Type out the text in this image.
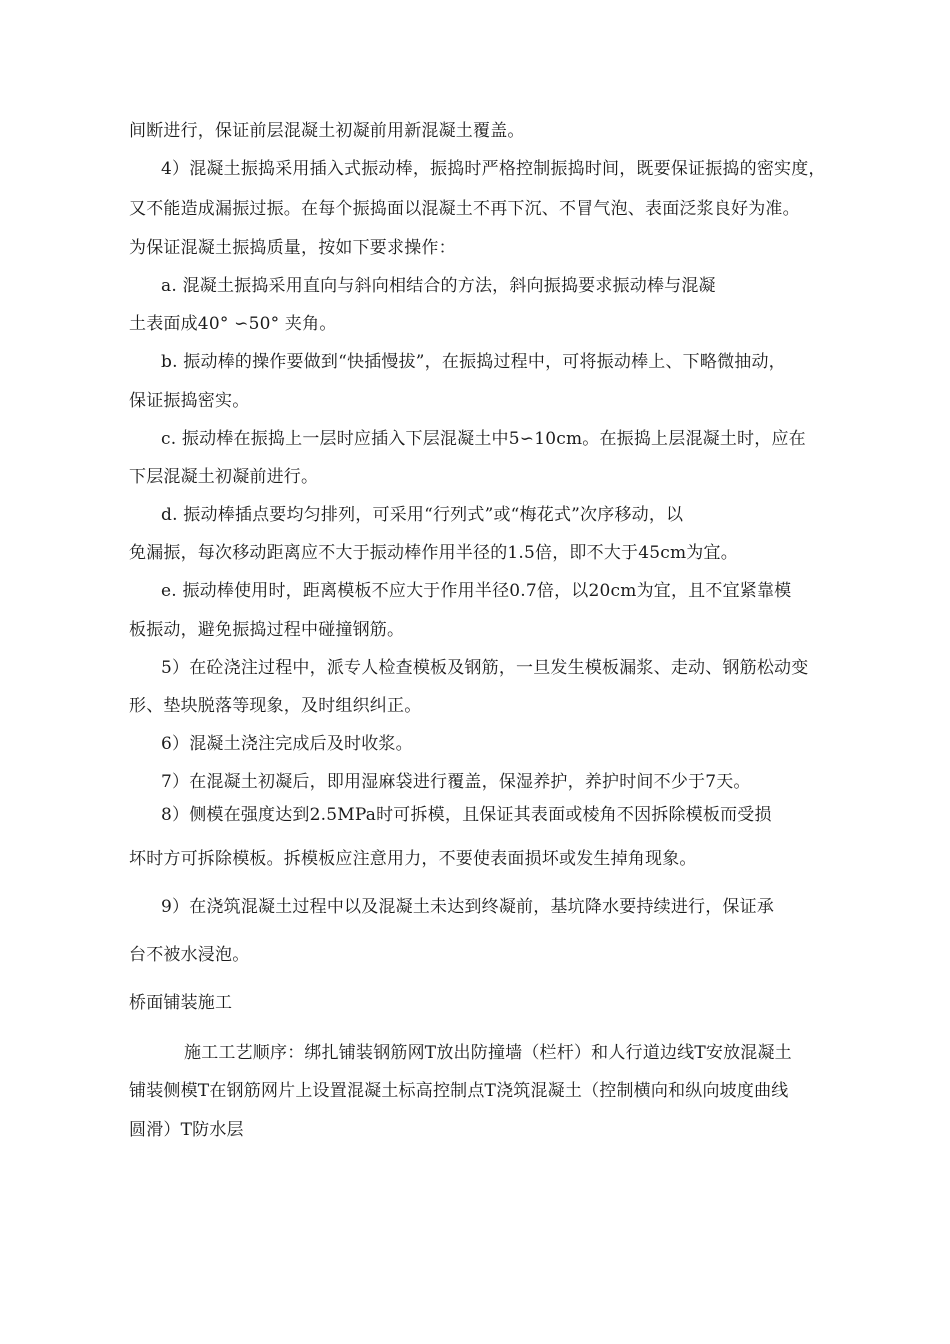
间断进行，保证前层混凝土初凝前用新混凝土覆盖。
4）混凝土振捣采用插入式振动棒，振捣时严格控制振捣时间，既要保证振捣的密实度，
又不能造成漏振过振。在每个振捣面以混凝土不再下沉、不冒气泡、表面泛浆良好为准。
为保证混凝土振捣质量，按如下要求操作：
a. 混凝土振捣采用直向与斜向相结合的方法，斜向振捣要求振动棒与混凝
土表面成40° ∽50° 夹角。
b. 振动棒的操作要做到“快插慢拔”，在振捣过程中，可将振动棒上、下略微抽动，
保证振捣密实。
c. 振动棒在振捣上一层时应插入下层混凝土中5∽10cm。在振捣上层混凝土时，应在
下层混凝土初凝前进行。
d. 振动棒插点要均匀排列，可采用“行列式”或“梅花式”次序移动，以
免漏振，每次移动距离应不大于振动棒作用半径的1.5倍，即不大于45cm为宜。
e. 振动棒使用时，距离模板不应大于作用半径0.7倍，以20cm为宜，且不宜紧靠模
板振动，避免振捣过程中碰撞钢筋。
5）在砼浇注过程中，派专人检查模板及钢筋，一旦发生模板漏浆、走动、钢筋松动变
形、垫块脱落等现象，及时组织纠正。
6）混凝土浇注完成后及时收浆。
7）在混凝土初凝后，即用湿麻袋进行覆盖，保湿养护，养护时间不少于7天。
8）侧模在强度达到2.5MPa时可拆模，且保证其表面或棱角不因拆除模板而受损
坏时方可拆除模板。拆模板应注意用力，不要使表面损坏或发生掉角现象。
9）在浇筑混凝土过程中以及混凝土未达到终凝前，基坑降水要持续进行，保证承
台不被水浸泡。
桥面铺装施工
施工工艺顺序：绑扎铺装钢筋网T放出防撞墙（栏杆）和人行道边线T安放混凝土
铺装侧模T在钢筋网片上设置混凝土标高控制点T浇筑混凝土（控制横向和纵向坡度曲线
圆滑）T防水层
